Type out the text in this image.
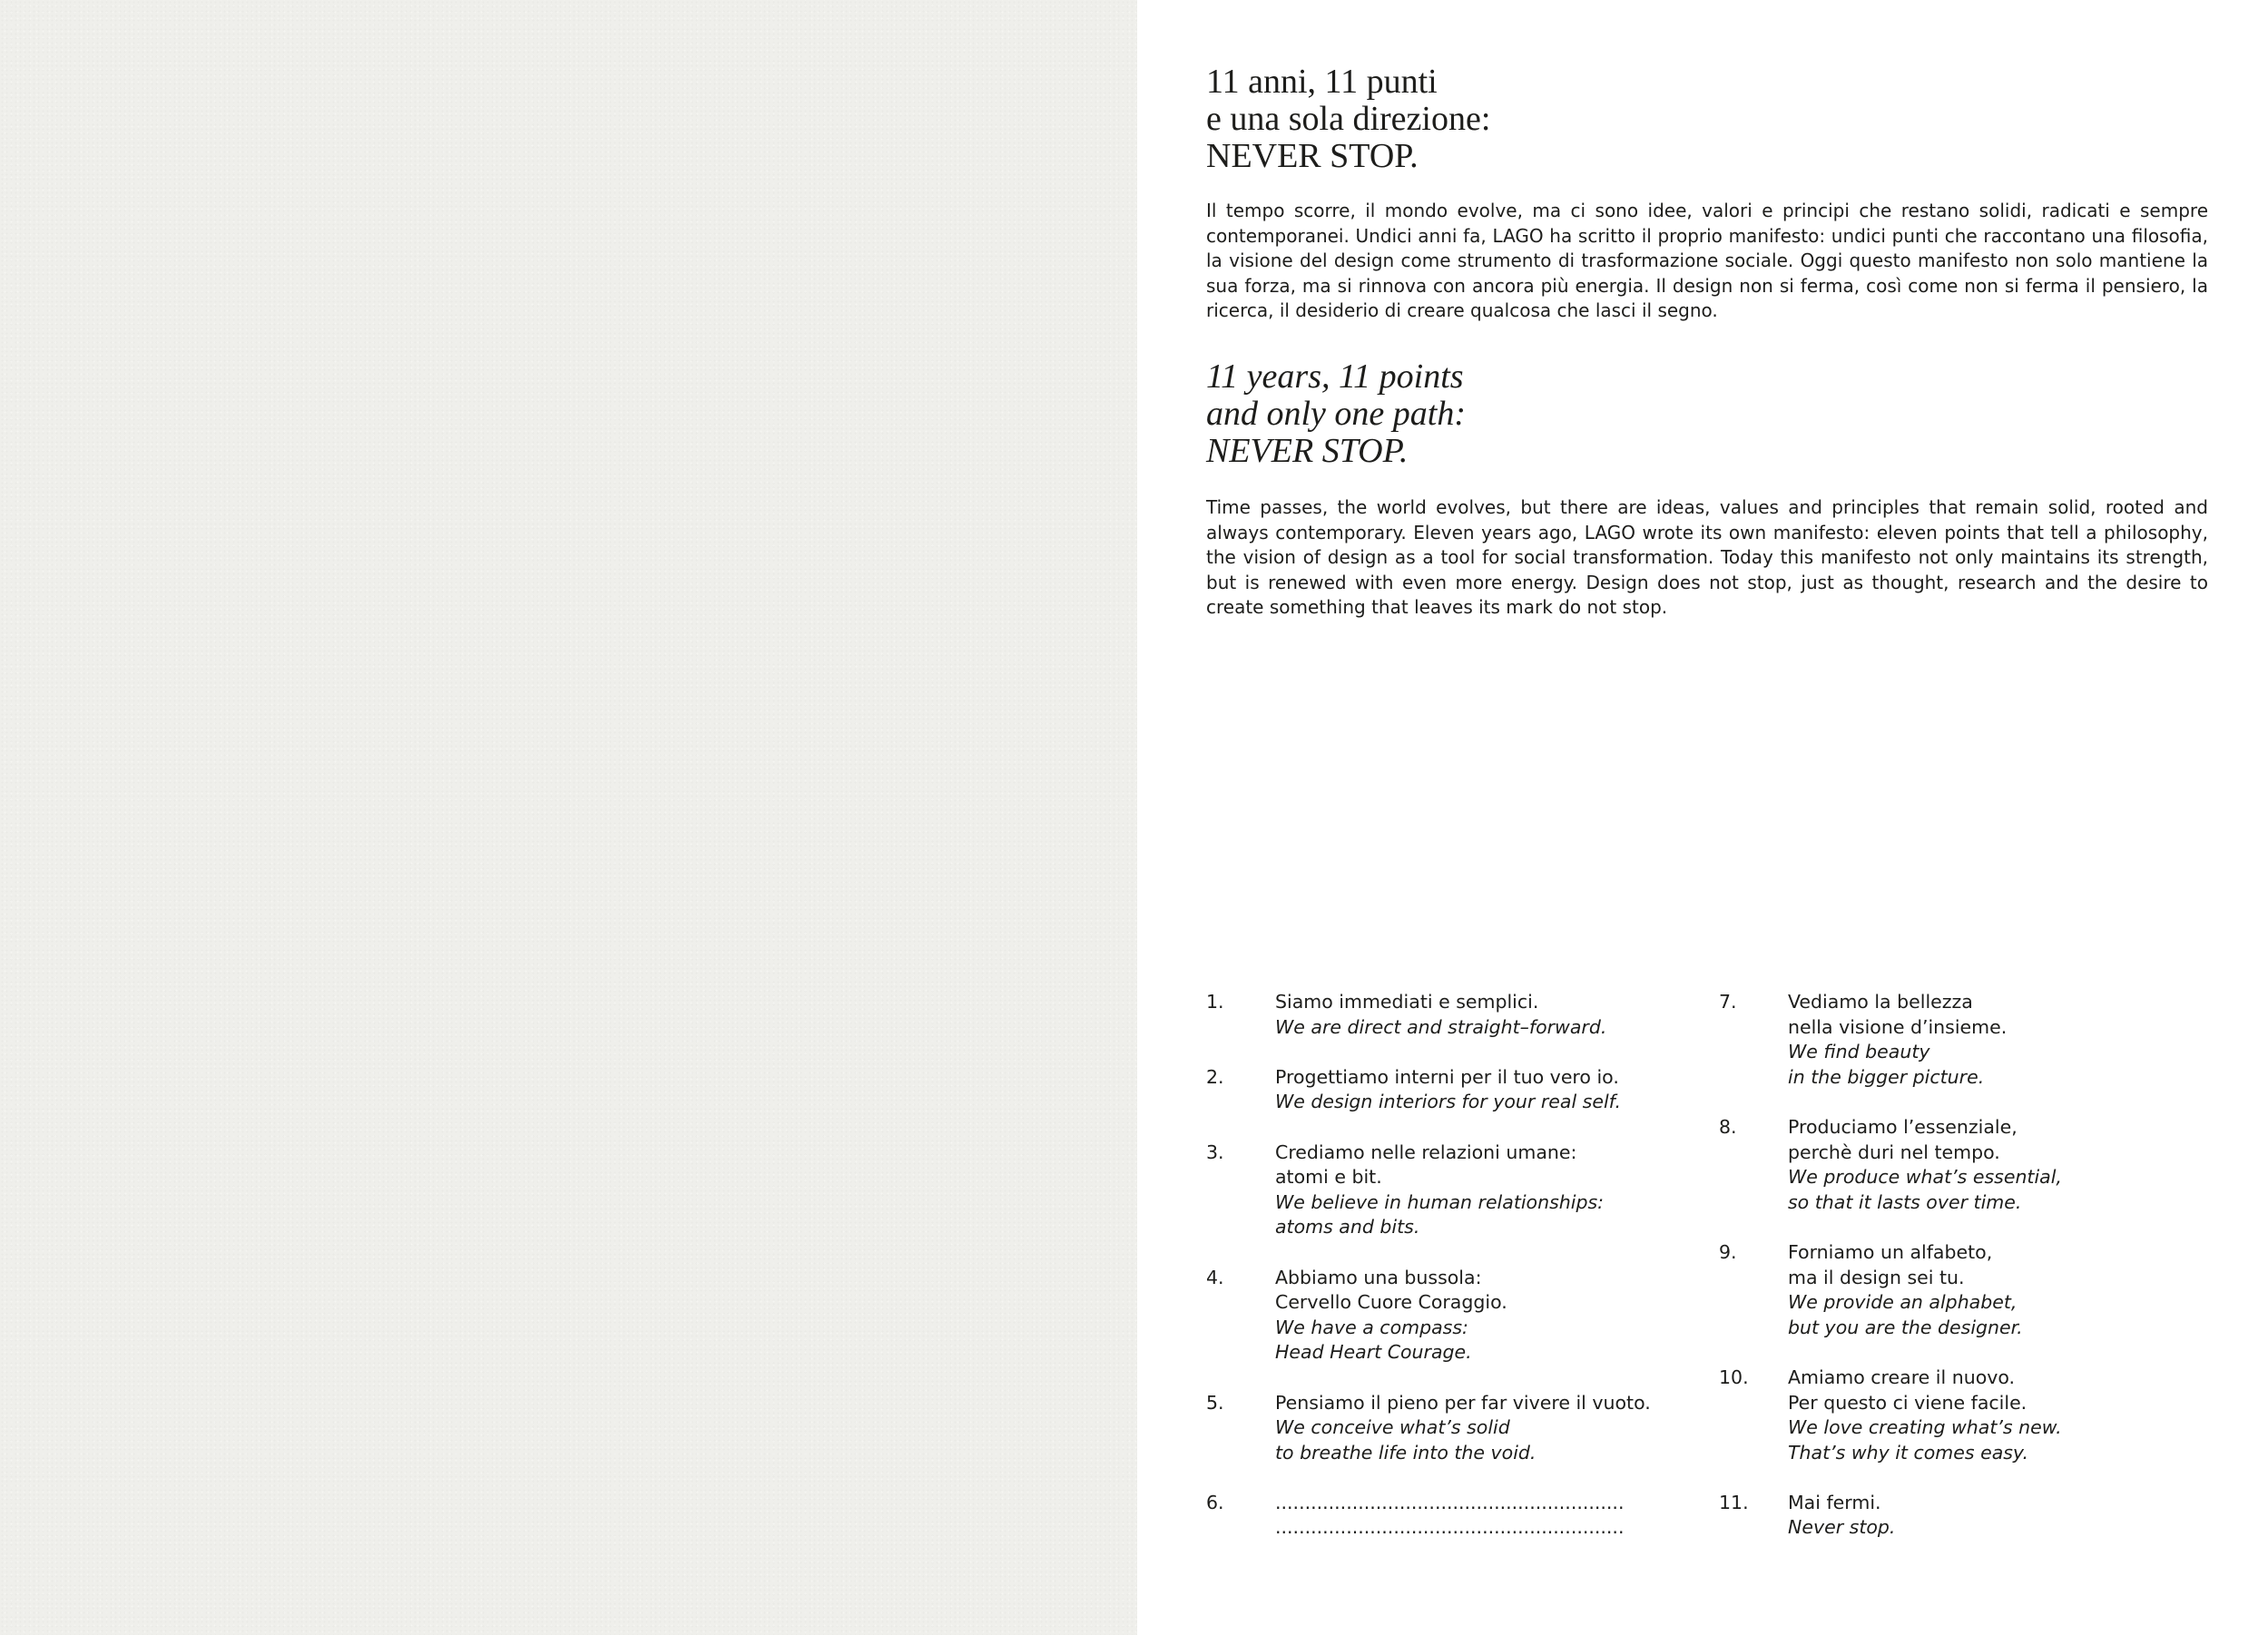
11 anni, 11 punti
e una sola direzione:
NEVER STOP.
Il tempo scorre, il mondo evolve, ma ci sono idee, valori e principi che restano solidi, radicati e sempre contemporanei. Undici anni fa, LAGO ha scritto il proprio manifesto: undici punti che raccontano una filosofia, la visione del design come strumento di trasformazione sociale. Oggi questo manifesto non solo mantiene la sua forza, ma si rinnova con ancora più energia. Il design non si ferma, così come non si ferma il pensiero, la ricerca, il desiderio di creare qualcosa che lasci il segno.
11 years, 11 points
and only one path:
NEVER STOP.
Time passes, the world evolves, but there are ideas, values and principles that remain solid, rooted and always contemporary. Eleven years ago, LAGO wrote its own manifesto: eleven points that tell a philosophy, the vision of design as a tool for social transformation. Today this manifesto not only maintains its strength, but is renewed with even more energy. Design does not stop, just as thought, research and the desire to create something that leaves its mark do not stop.
1.	Siamo immediati e semplici.
We are direct and straight–forward.
2.	Progettiamo interni per il tuo vero io.
We design interiors for your real self.
3.	Crediamo nelle relazioni umane:
atomi e bit.
We believe in human relationships:
atoms and bits.
4.	Abbiamo una bussola:
Cervello Cuore Coraggio.
We have a compass:
Head Heart Courage.
5.	Pensiamo il pieno per far vivere il vuoto.
We conceive what’s solid
to breathe life into the void.
6.	...........................................................
...........................................................
7.	Vediamo la bellezza
nella visione d’insieme.
We find beauty
in the bigger picture.
8.	Produciamo l’essenziale,
perchè duri nel tempo.
We produce what’s essential,
so that it lasts over time.
9.	Forniamo un alfabeto,
ma il design sei tu.
We provide an alphabet,
but you are the designer.
10.	Amiamo creare il nuovo.
Per questo ci viene facile.
We love creating what’s new.
That’s why it comes easy.
11.	Mai fermi.
Never stop.
